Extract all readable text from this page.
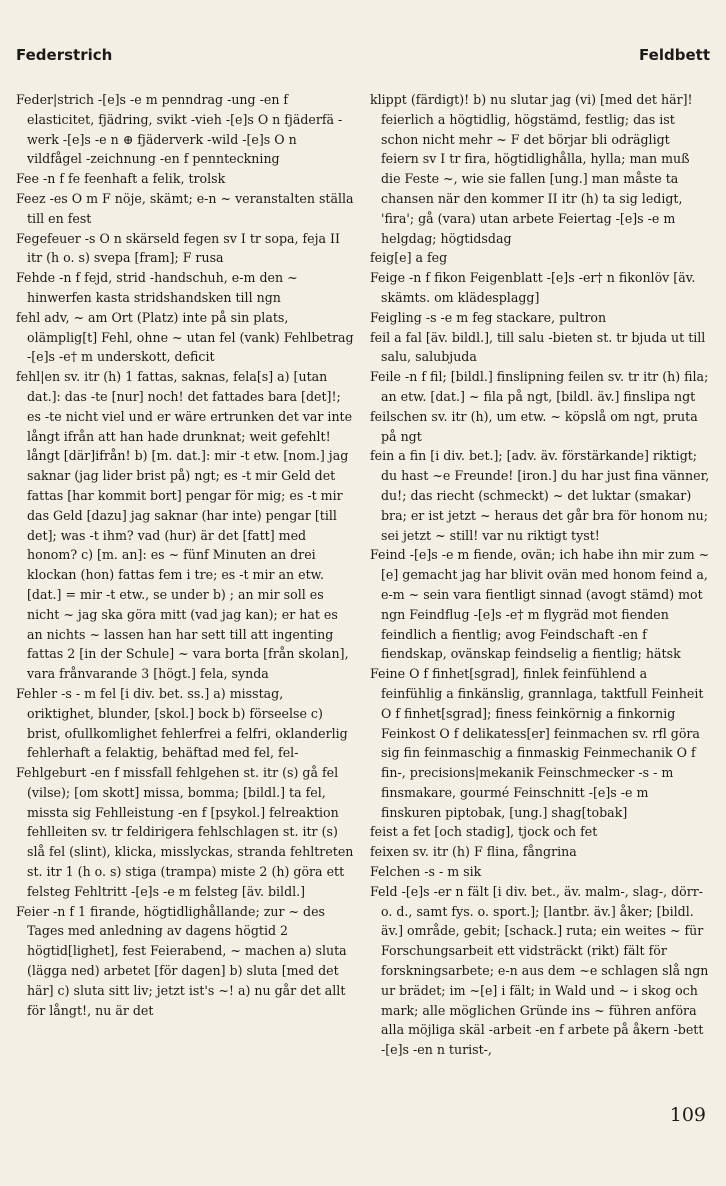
Federstrich	Feldbett

Feder|strich -[e]s -e m penndrag -ung -en f elasticitet, fjädring, svikt -vieh -[e]s O n fjäderfä -werk -[e]s -e n ⊕ fjäderverk -wild -[e]s O n vildfågel -zeichnung -en f pennteckning

Fee -n f fe feenhaft a felik, trolsk

Feez -es O m F nöje, skämt; e-n ~ veranstalten ställa till en fest

Fegefeuer -s O n skärseld fegen sv I tr sopa, feja II itr (h o. s) svepa [fram]; F rusa

Fehde -n f fejd, strid -handschuh, e-m den ~ hinwerfen kasta stridshandsken till ngn

fehl adv, ~ am Ort (Platz) inte på sin plats, olämplig[t] Fehl, ohne ~ utan fel (vank) Fehlbetrag -[e]s -e† m underskott, deficit

fehl|en sv. itr (h) 1 fattas, saknas, fela[s] a) [utan dat.]: das -te [nur] noch! det fattades bara [det]!; es -te nicht viel und er wäre ertrunken det var inte långt ifrån att han hade drunknat; weit gefehlt! långt [där]ifrån! b) [m. dat.]: mir -t etw. [nom.] jag saknar (jag lider brist på) ngt; es -t mir Geld det fattas [har kommit bort] pengar för mig; es -t mir das Geld [dazu] jag saknar (har inte) pengar [till det]; was -t ihm? vad (hur) är det [fatt] med honom? c) [m. an]: es ~ fünf Minuten an drei klockan (hon) fattas fem i tre; es -t mir an etw. [dat.] = mir -t etw., se under b) ; an mir soll es nicht ~ jag ska göra mitt (vad jag kan); er hat es an nichts ~ lassen han har sett till att ingenting fattas 2 [in der Schule] ~ vara borta [från skolan], vara frånvarande 3 [högt.] fela, synda

Fehler -s - m fel [i div. bet. ss.] a) misstag, oriktighet, blunder, [skol.] bock b) förseelse c) brist, ofullkomlighet fehlerfrei a felfri, oklanderlig fehlerhaft a felaktig, behäftad med fel, fel-

Fehlgeburt -en f missfall fehlgehen st. itr (s) gå fel (vilse); [om skott] missa, bomma; [bildl.] ta fel, missta sig Fehlleistung -en f [psykol.] felreaktion fehlleiten sv. tr feldirigera fehlschlagen st. itr (s) slå fel (slint), klicka, misslyckas, stranda fehltreten st. itr 1 (h o. s) stiga (trampa) miste 2 (h) göra ett felsteg Fehltritt -[e]s -e m felsteg [äv. bildl.]

Feier -n f 1 firande, högtidlighållande; zur ~ des Tages med anledning av dagens högtid 2 högtid[lighet], fest Feierabend, ~ machen a) sluta (lägga ned) arbetet [för dagen] b) sluta [med det här] c) sluta sitt liv; jetzt ist's ~! a) nu går det allt för långt!, nu är det

klippt (färdigt)! b) nu slutar jag (vi) [med det här]! feierlich a högtidlig, högstämd, festlig; das ist schon nicht mehr ~ F det börjar bli odrägligt feiern sv I tr fira, högtidlighålla, hylla; man muß die Feste ~, wie sie fallen [ung.] man måste ta chansen när den kommer II itr (h) ta sig ledigt, 'fira'; gå (vara) utan arbete Feiertag -[e]s -e m helgdag; högtidsdag

feig[e] a feg

Feige -n f fikon Feigenblatt -[e]s -er† n fikonlöv [äv. skämts. om klädesplagg]

Feigling -s -e m feg stackare, pultron

feil a fal [äv. bildl.], till salu -bieten st. tr bjuda ut till salu, salubjuda

Feile -n f fil; [bildl.] finslipning feilen sv. tr itr (h) fila; an etw. [dat.] ~ fila på ngt, [bildl. äv.] finslipa ngt

feilschen sv. itr (h), um etw. ~ köpslå om ngt, pruta på ngt

fein a fin [i div. bet.]; [adv. äv. förstärkande] riktigt; du hast ~e Freunde! [iron.] du har just fina vänner, du!; das riecht (schmeckt) ~ det luktar (smakar) bra; er ist jetzt ~ heraus det går bra för honom nu; sei jetzt ~ still! var nu riktigt tyst!

Feind -[e]s -e m fiende, ovän; ich habe ihn mir zum ~[e] gemacht jag har blivit ovän med honom feind a, e-m ~ sein vara fientligt sinnad (avogt stämd) mot ngn Feindflug -[e]s -e† m flygräd mot fienden feindlich a fientlig; avog Feindschaft -en f fiendskap, ovänskap feindselig a fientlig; hätsk

Feine O f finhet[sgrad], finlek feinfühlend a feinfühlig a finkänslig, grannlaga, taktfull Feinheit O f finhet[sgrad]; finess feinkörnig a finkornig Feinkost O f delikatess[er] feinmachen sv. rfl göra sig fin feinmaschig a finmaskig Feinmechanik O f fin-, precisions|mekanik Feinschmecker -s - m finsmakare, gourmé Feinschnitt -[e]s -e m finskuren piptobak, [ung.] shag[tobak]

feist a fet [och stadig], tjock och fet

feixen sv. itr (h) F flina, fångrina

Felchen -s - m sik

Feld -[e]s -er n fält [i div. bet., äv. malm-, slag-, dörr- o. d., samt fys. o. sport.]; [lantbr. äv.] åker; [bildl. äv.] område, gebit; [schack.] ruta; ein weites ~ für Forschungsarbeit ett vidsträckt (rikt) fält för forskningsarbete; e-n aus dem ~e schlagen slå ngn ur brädet; im ~[e] i fält; in Wald und ~ i skog och mark; alle möglichen Gründe ins ~ führen anföra alla möjliga skäl -arbeit -en f arbete på åkern -bett -[e]s -en n turist-,

109
